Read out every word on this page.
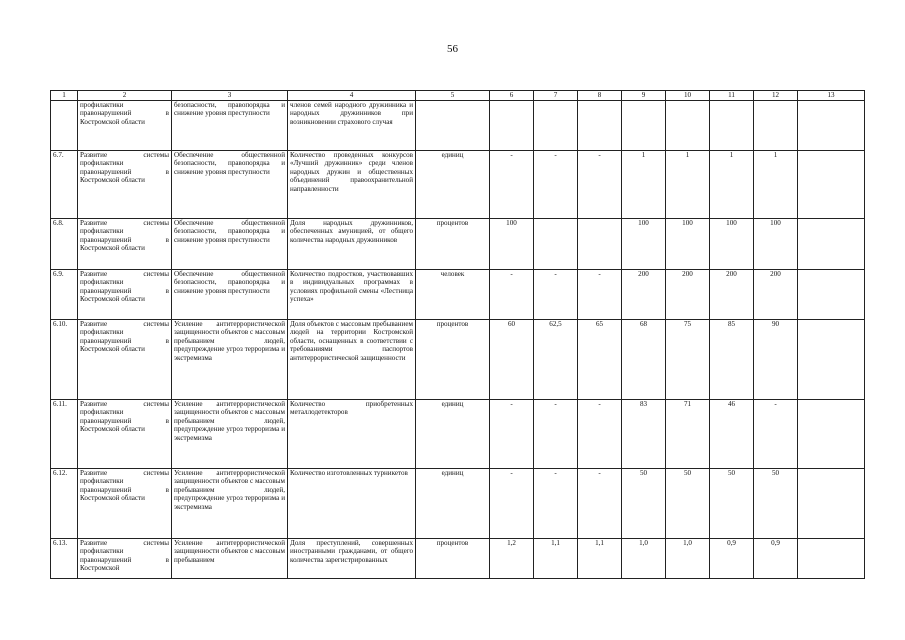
56
1	2	3	4	5	6	7	8	9	10	11	12	13
	профилактики правонарушений в Костромской области	безопасности, правопорядка и снижение уровня преступности	членов семей народного дружинника и народных дружинников при возникновении страхового случая									
6.7.	Развитие системы профилактики правонарушений в Костромской области	Обеспечение общественной безопасности, правопорядка и снижение уровня преступности	Количество проведенных конкурсов «Лучший дружинник» среди членов народных дружин и общественных объединений правоохранительной направленности	единиц	-	-	-	1	1	1	1	
6.8.	Развитие системы профилактики правонарушений в Костромской области	Обеспечение общественной безопасности, правопорядка и снижение уровня преступности	Доля народных дружинников, обеспеченных амуницией, от общего количества народных дружинников	процентов	100			100	100	100	100	
6.9.	Развитие системы профилактики правонарушений в Костромской области	Обеспечение общественной безопасности, правопорядка и снижение уровня преступности	Количество подростков, участвовавших в индивидуальных программах в условиях профильной смены «Лестница успеха»	человек	-	-	-	200	200	200	200	
6.10.	Развитие системы профилактики правонарушений в Костромской области	Усиление антитеррористической защищенности объектов с массовым пребыванием людей, предупреждение угроз терроризма и экстремизма	Доля объектов с массовым пребыванием людей на территории Костромской области, оснащенных в соответствии с требованиями паспортов антитеррористической защищенности	процентов	60	62,5	65	68	75	85	90	
6.11.	Развитие системы профилактики правонарушений в Костромской области	Усиление антитеррористической защищенности объектов с массовым пребыванием людей, предупреждение угроз терроризма и экстремизма	Количество приобретенных металлодетекторов	единиц	-	-	-	83	71	46	-	
6.12.	Развитие системы профилактики правонарушений в Костромской области	Усиление антитеррористической защищенности объектов с массовым пребыванием людей, предупреждение угроз терроризма и экстремизма	Количество изготовленных турникетов	единиц	-	-	-	50	50	50	50	
6.13.	Развитие системы профилактики правонарушений в Костромской	Усиление антитеррористической защищенности объектов с массовым пребыванием	Доля преступлений, совершенных иностранными гражданами, от общего количества зарегистрированных	процентов	1,2	1,1	1,1	1,0	1,0	0,9	0,9	
